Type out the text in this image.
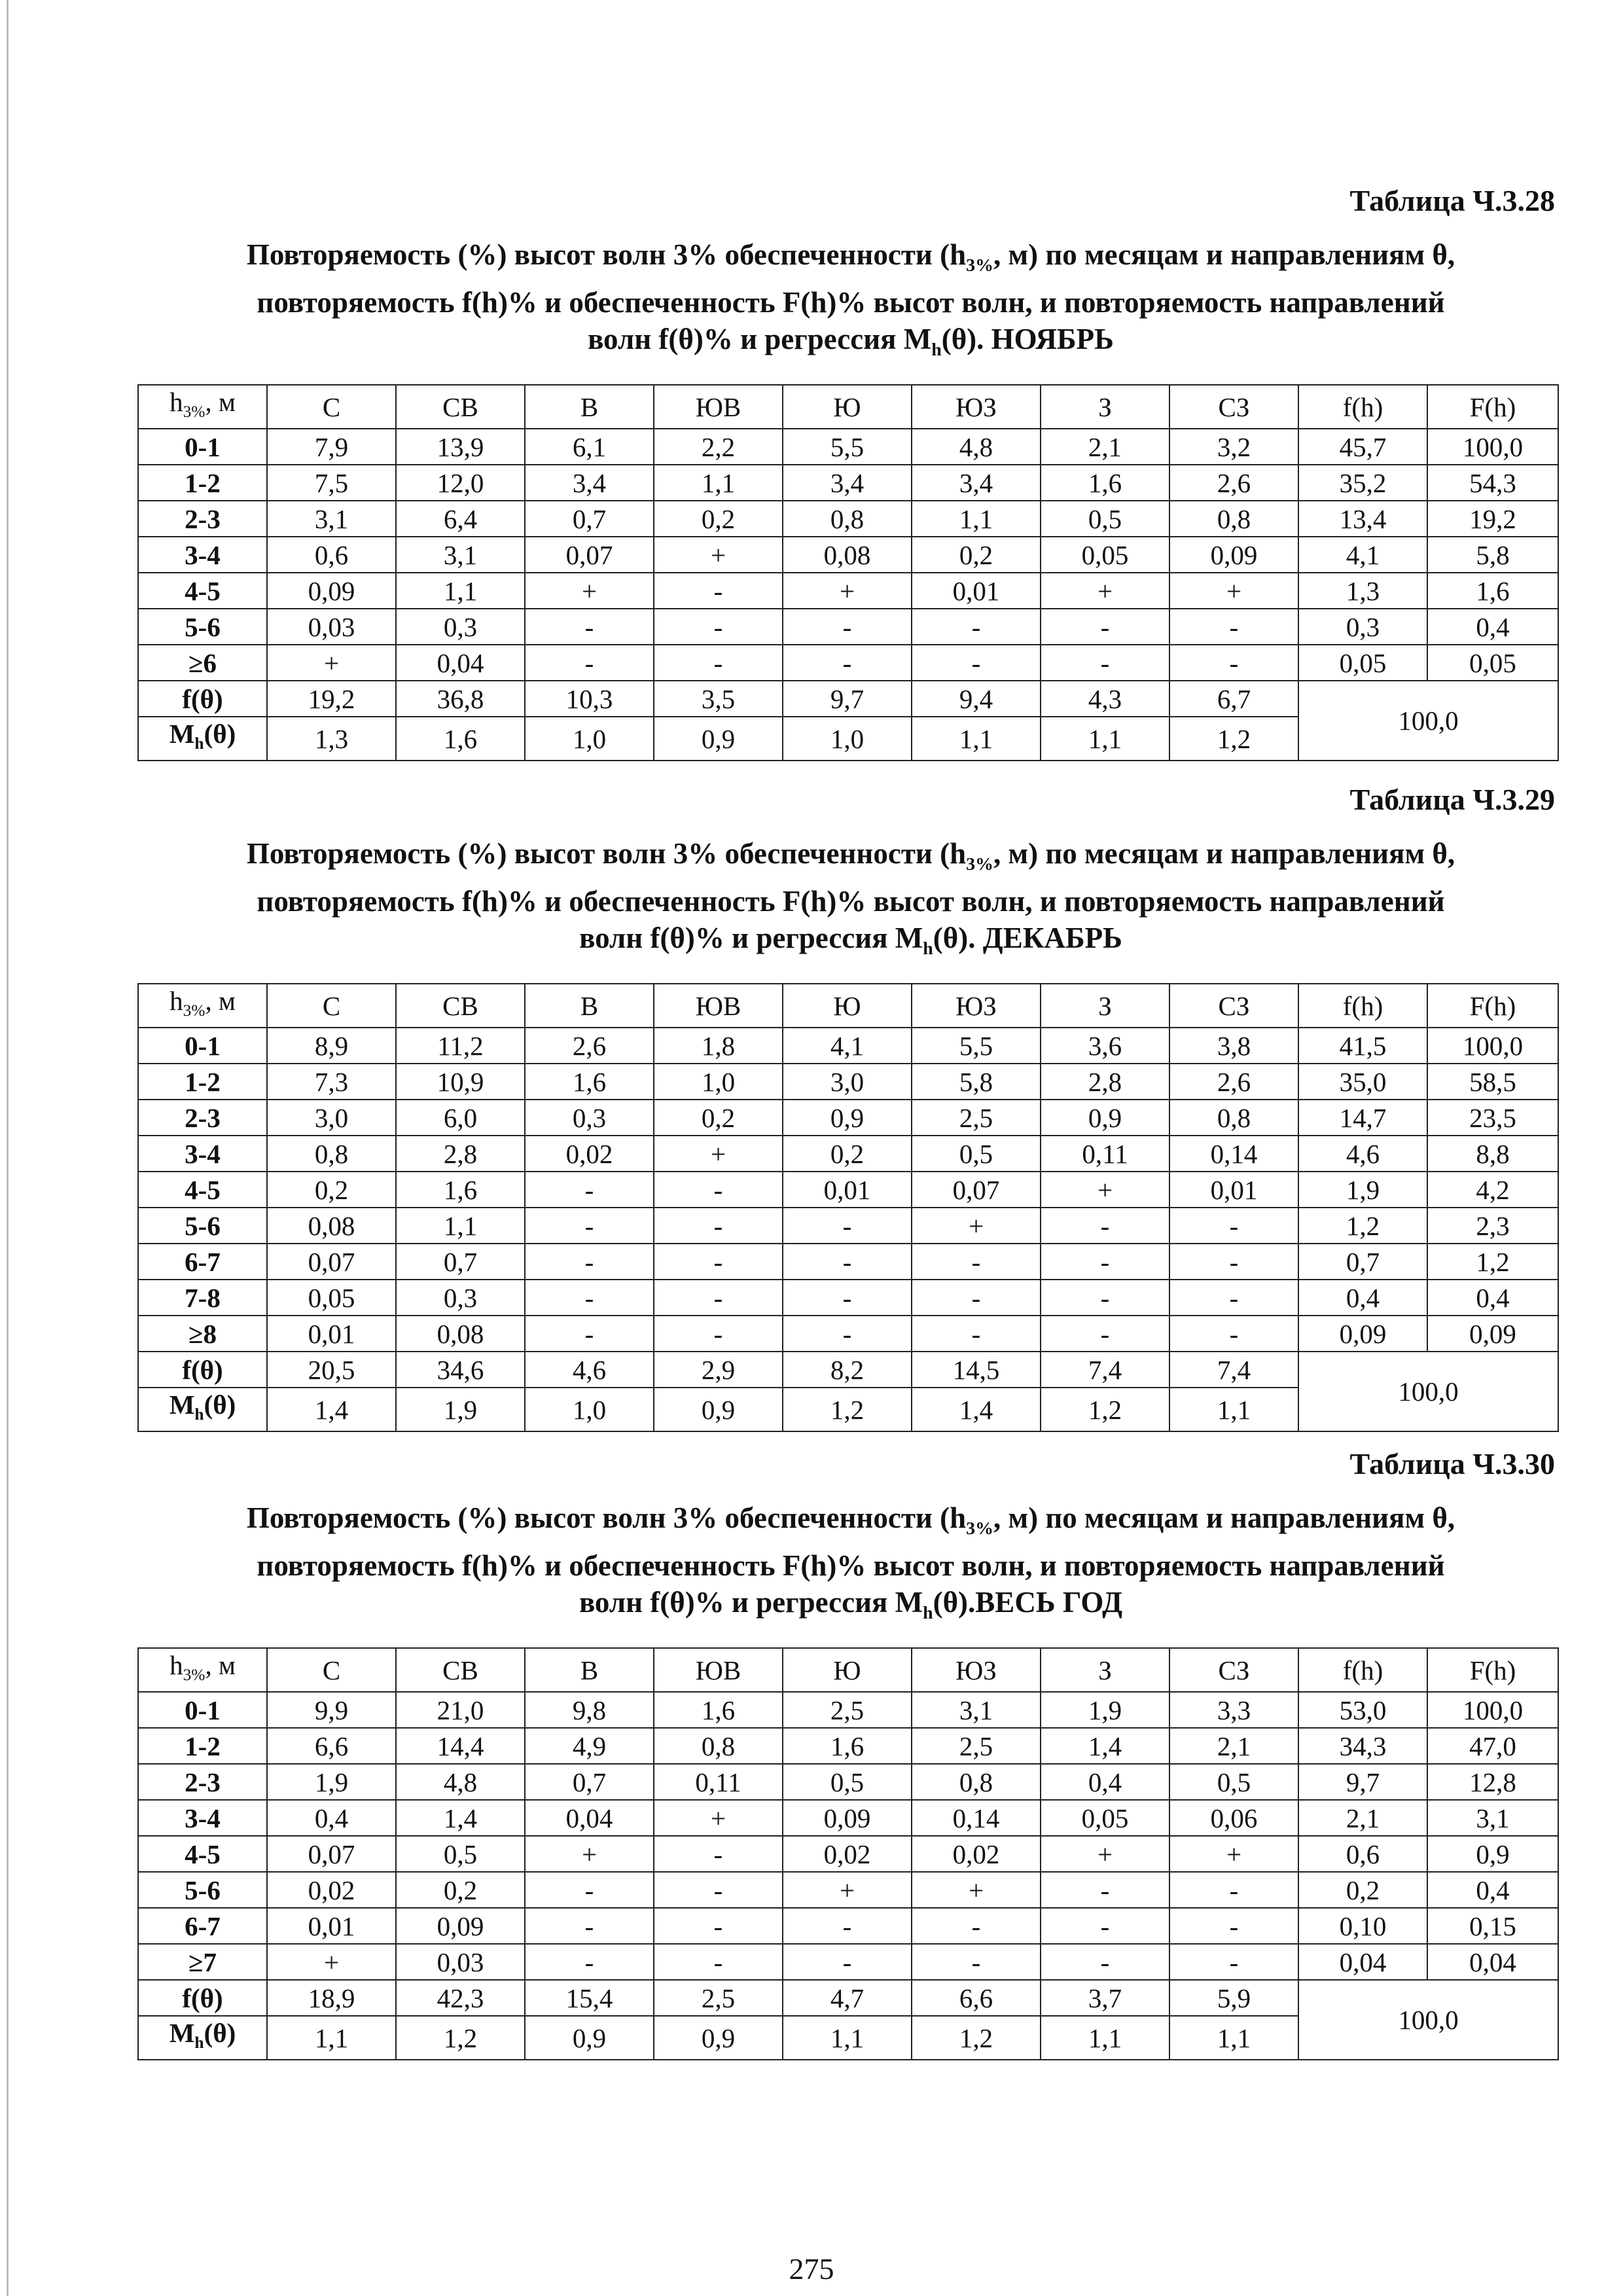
Таблица Ч.3.28
Повторяемость (%) высот волн 3% обеспеченности ($h_{3\%}$, м) по месяцам и направлениям θ,
повторяемость f(h)% и обеспеченность F(h)% высот волн, и повторяемость направлений
волн f(θ)% и регрессия $M_h(\theta)$. НОЯБРЬ
$h_{3\%}$, м	С	СВ	В	ЮВ	Ю	ЮЗ	З	СЗ	f(h)	F(h)
0-1	7,9	13,9	6,1	2,2	5,5	4,8	2,1	3,2	45,7	100,0
1-2	7,5	12,0	3,4	1,1	3,4	3,4	1,6	2,6	35,2	54,3
2-3	3,1	6,4	0,7	0,2	0,8	1,1	0,5	0,8	13,4	19,2
3-4	0,6	3,1	0,07	+	0,08	0,2	0,05	0,09	4,1	5,8
4-5	0,09	1,1	+	-	+	0,01	+	+	1,3	1,6
5-6	0,03	0,3	-	-	-	-	-	-	0,3	0,4
≥6	+	0,04	-	-	-	-	-	-	0,05	0,05
f(θ)	19,2	36,8	10,3	3,5	9,7	9,4	4,3	6,7	100,0	
$M_h(\theta)$	1,3	1,6	1,0	0,9	1,0	1,1	1,1	1,2		
Таблица Ч.3.29
Повторяемость (%) высот волн 3% обеспеченности ($h_{3\%}$, м) по месяцам и направлениям θ,
повторяемость f(h)% и обеспеченность F(h)% высот волн, и повторяемость направлений
волн f(θ)% и регрессия $M_h(\theta)$. ДЕКАБРЬ
$h_{3\%}$, м	С	СВ	В	ЮВ	Ю	ЮЗ	З	СЗ	f(h)	F(h)
0-1	8,9	11,2	2,6	1,8	4,1	5,5	3,6	3,8	41,5	100,0
1-2	7,3	10,9	1,6	1,0	3,0	5,8	2,8	2,6	35,0	58,5
2-3	3,0	6,0	0,3	0,2	0,9	2,5	0,9	0,8	14,7	23,5
3-4	0,8	2,8	0,02	+	0,2	0,5	0,11	0,14	4,6	8,8
4-5	0,2	1,6	-	-	0,01	0,07	+	0,01	1,9	4,2
5-6	0,08	1,1	-	-	-	+	-	-	1,2	2,3
6-7	0,07	0,7	-	-	-	-	-	-	0,7	1,2
7-8	0,05	0,3	-	-	-	-	-	-	0,4	0,4
≥8	0,01	0,08	-	-	-	-	-	-	0,09	0,09
f(θ)	20,5	34,6	4,6	2,9	8,2	14,5	7,4	7,4	100,0	
$M_h(\theta)$	1,4	1,9	1,0	0,9	1,2	1,4	1,2	1,1		
Таблица Ч.3.30
Повторяемость (%) высот волн 3% обеспеченности ($h_{3\%}$, м) по месяцам и направлениям θ,
повторяемость f(h)% и обеспеченность F(h)% высот волн, и повторяемость направлений
волн f(θ)% и регрессия $M_h(\theta).ВЕСЬ$ ГОД
$h_{3\%}$, м	С	СВ	В	ЮВ	Ю	ЮЗ	З	СЗ	f(h)	F(h)
0-1	9,9	21,0	9,8	1,6	2,5	3,1	1,9	3,3	53,0	100,0
1-2	6,6	14,4	4,9	0,8	1,6	2,5	1,4	2,1	34,3	47,0
2-3	1,9	4,8	0,7	0,11	0,5	0,8	0,4	0,5	9,7	12,8
3-4	0,4	1,4	0,04	+	0,09	0,14	0,05	0,06	2,1	3,1
4-5	0,07	0,5	+	-	0,02	0,02	+	+	0,6	0,9
5-6	0,02	0,2	-	-	+	+	-	-	0,2	0,4
6-7	0,01	0,09	-	-	-	-	-	-	0,10	0,15
≥7	+	0,03	-	-	-	-	-	-	0,04	0,04
f(θ)	18,9	42,3	15,4	2,5	4,7	6,6	3,7	5,9	100,0	
$M_h(\theta)$	1,1	1,2	0,9	0,9	1,1	1,2	1,1	1,1		
275
